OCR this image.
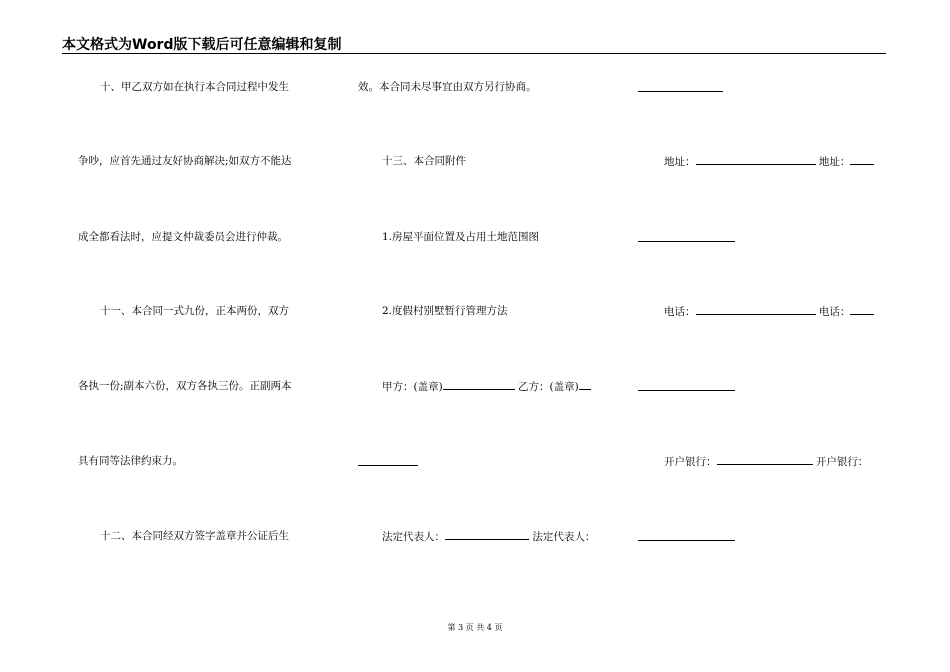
本文格式为Word版下载后可任意编辑和复制
十、甲乙双方如在执行本合同过程中发生
争吵，应首先通过友好协商解决;如双方不能达
成全都看法时，应提文仲裁委员会进行仲裁。
十一、本合同一式九份，正本两份，双方
各执一份;副本六份，双方各执三份。正副两本
具有同等法律约束力。
十二、本合同经双方签字盖章并公证后生
效。本合同未尽事宜由双方另行协商。
十三、本合同附件
1.房屋平面位置及占用土地范围图
2.度假村别墅暂行管理方法
甲方：(盖章)	乙方：(盖章)
法定代表人：	法定代表人：
地址：	地址：
电话：	电话：
开户银行：	开户银行：
第 3 页 共 4 页
